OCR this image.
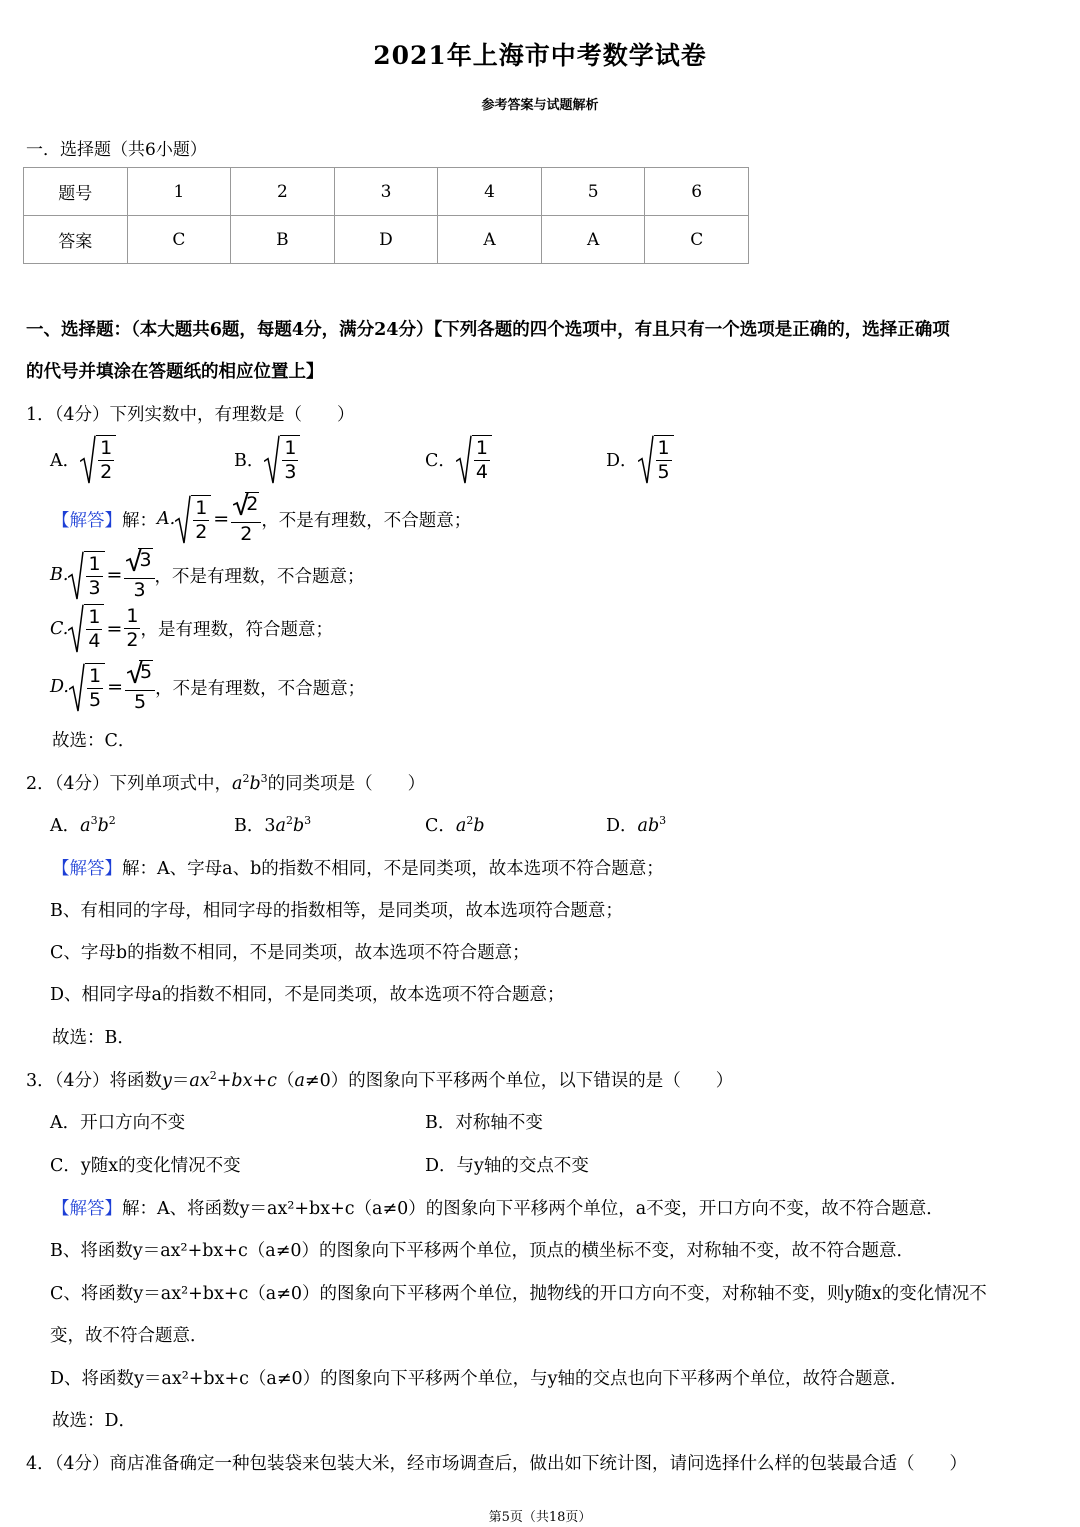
2021年上海市中考数学试卷
参考答案与试题解析
一．选择题（共6小题）
题号	1	2	3	4	5	6
答案	C	B	D	A	A	C
一、选择题：（本大题共6题，每题4分，满分24分）【下列各题的四个选项中，有且只有一个选项是正确的，选择正确项
的代号并填涂在答题纸的相应位置上】
1．（4分）下列实数中，有理数是（　　）
A． $\frac{1}{2}$	B． $\frac{1}{3}$	C． $\frac{1}{4}$	D． $\frac{1}{5}$
【解答】 解： A. $\frac{1}{2} = \frac{2}{2}$ ，不是有理数，不合题意；
B. $\frac{1}{3} = \frac{3}{3}$ ，不是有理数，不合题意；
C. $\frac{1}{4} = \frac{1}{2}$ ，是有理数，符合题意；
D. $\frac{1}{5} = \frac{5}{5}$ ，不是有理数，不合题意；
故选：C．
2．（4分）下列单项式中，$a^2b^3$的同类项是（　　）
A．$a^3b^2$	B．$3a^2b^3$	C．$a^2b$	D．$ab^3$
【解答】解：A、字母a、b的指数不相同，不是同类项，故本选项不符合题意；
B、有相同的字母，相同字母的指数相等，是同类项，故本选项符合题意；
C、字母b的指数不相同，不是同类项，故本选项不符合题意；
D、相同字母a的指数不相同，不是同类项，故本选项不符合题意；
故选：B．
3．（4分）将函数$y=ax^2+bx+c(a\ne 0)$的图象向下平移两个单位，以下错误的是（　　）
A．开口方向不变	B．对称轴不变
C．y随x的变化情况不变	D．与y轴的交点不变
【解答】解：A、将函数y＝ax²+bx+c（a≠0）的图象向下平移两个单位，a不变，开口方向不变，故不符合题意．
B、将函数y＝ax²+bx+c（a≠0）的图象向下平移两个单位，顶点的横坐标不变，对称轴不变，故不符合题意．
C、将函数y＝ax²+bx+c（a≠0）的图象向下平移两个单位，抛物线的开口方向不变，对称轴不变，则y随x的变化情况不
变，故不符合题意．
D、将函数y＝ax²+bx+c（a≠0）的图象向下平移两个单位，与y轴的交点也向下平移两个单位，故符合题意．
故选：D．
4．（4分）商店准备确定一种包装袋来包装大米，经市场调查后，做出如下统计图，请问选择什么样的包装最合适（　　）
第5页（共18页）
